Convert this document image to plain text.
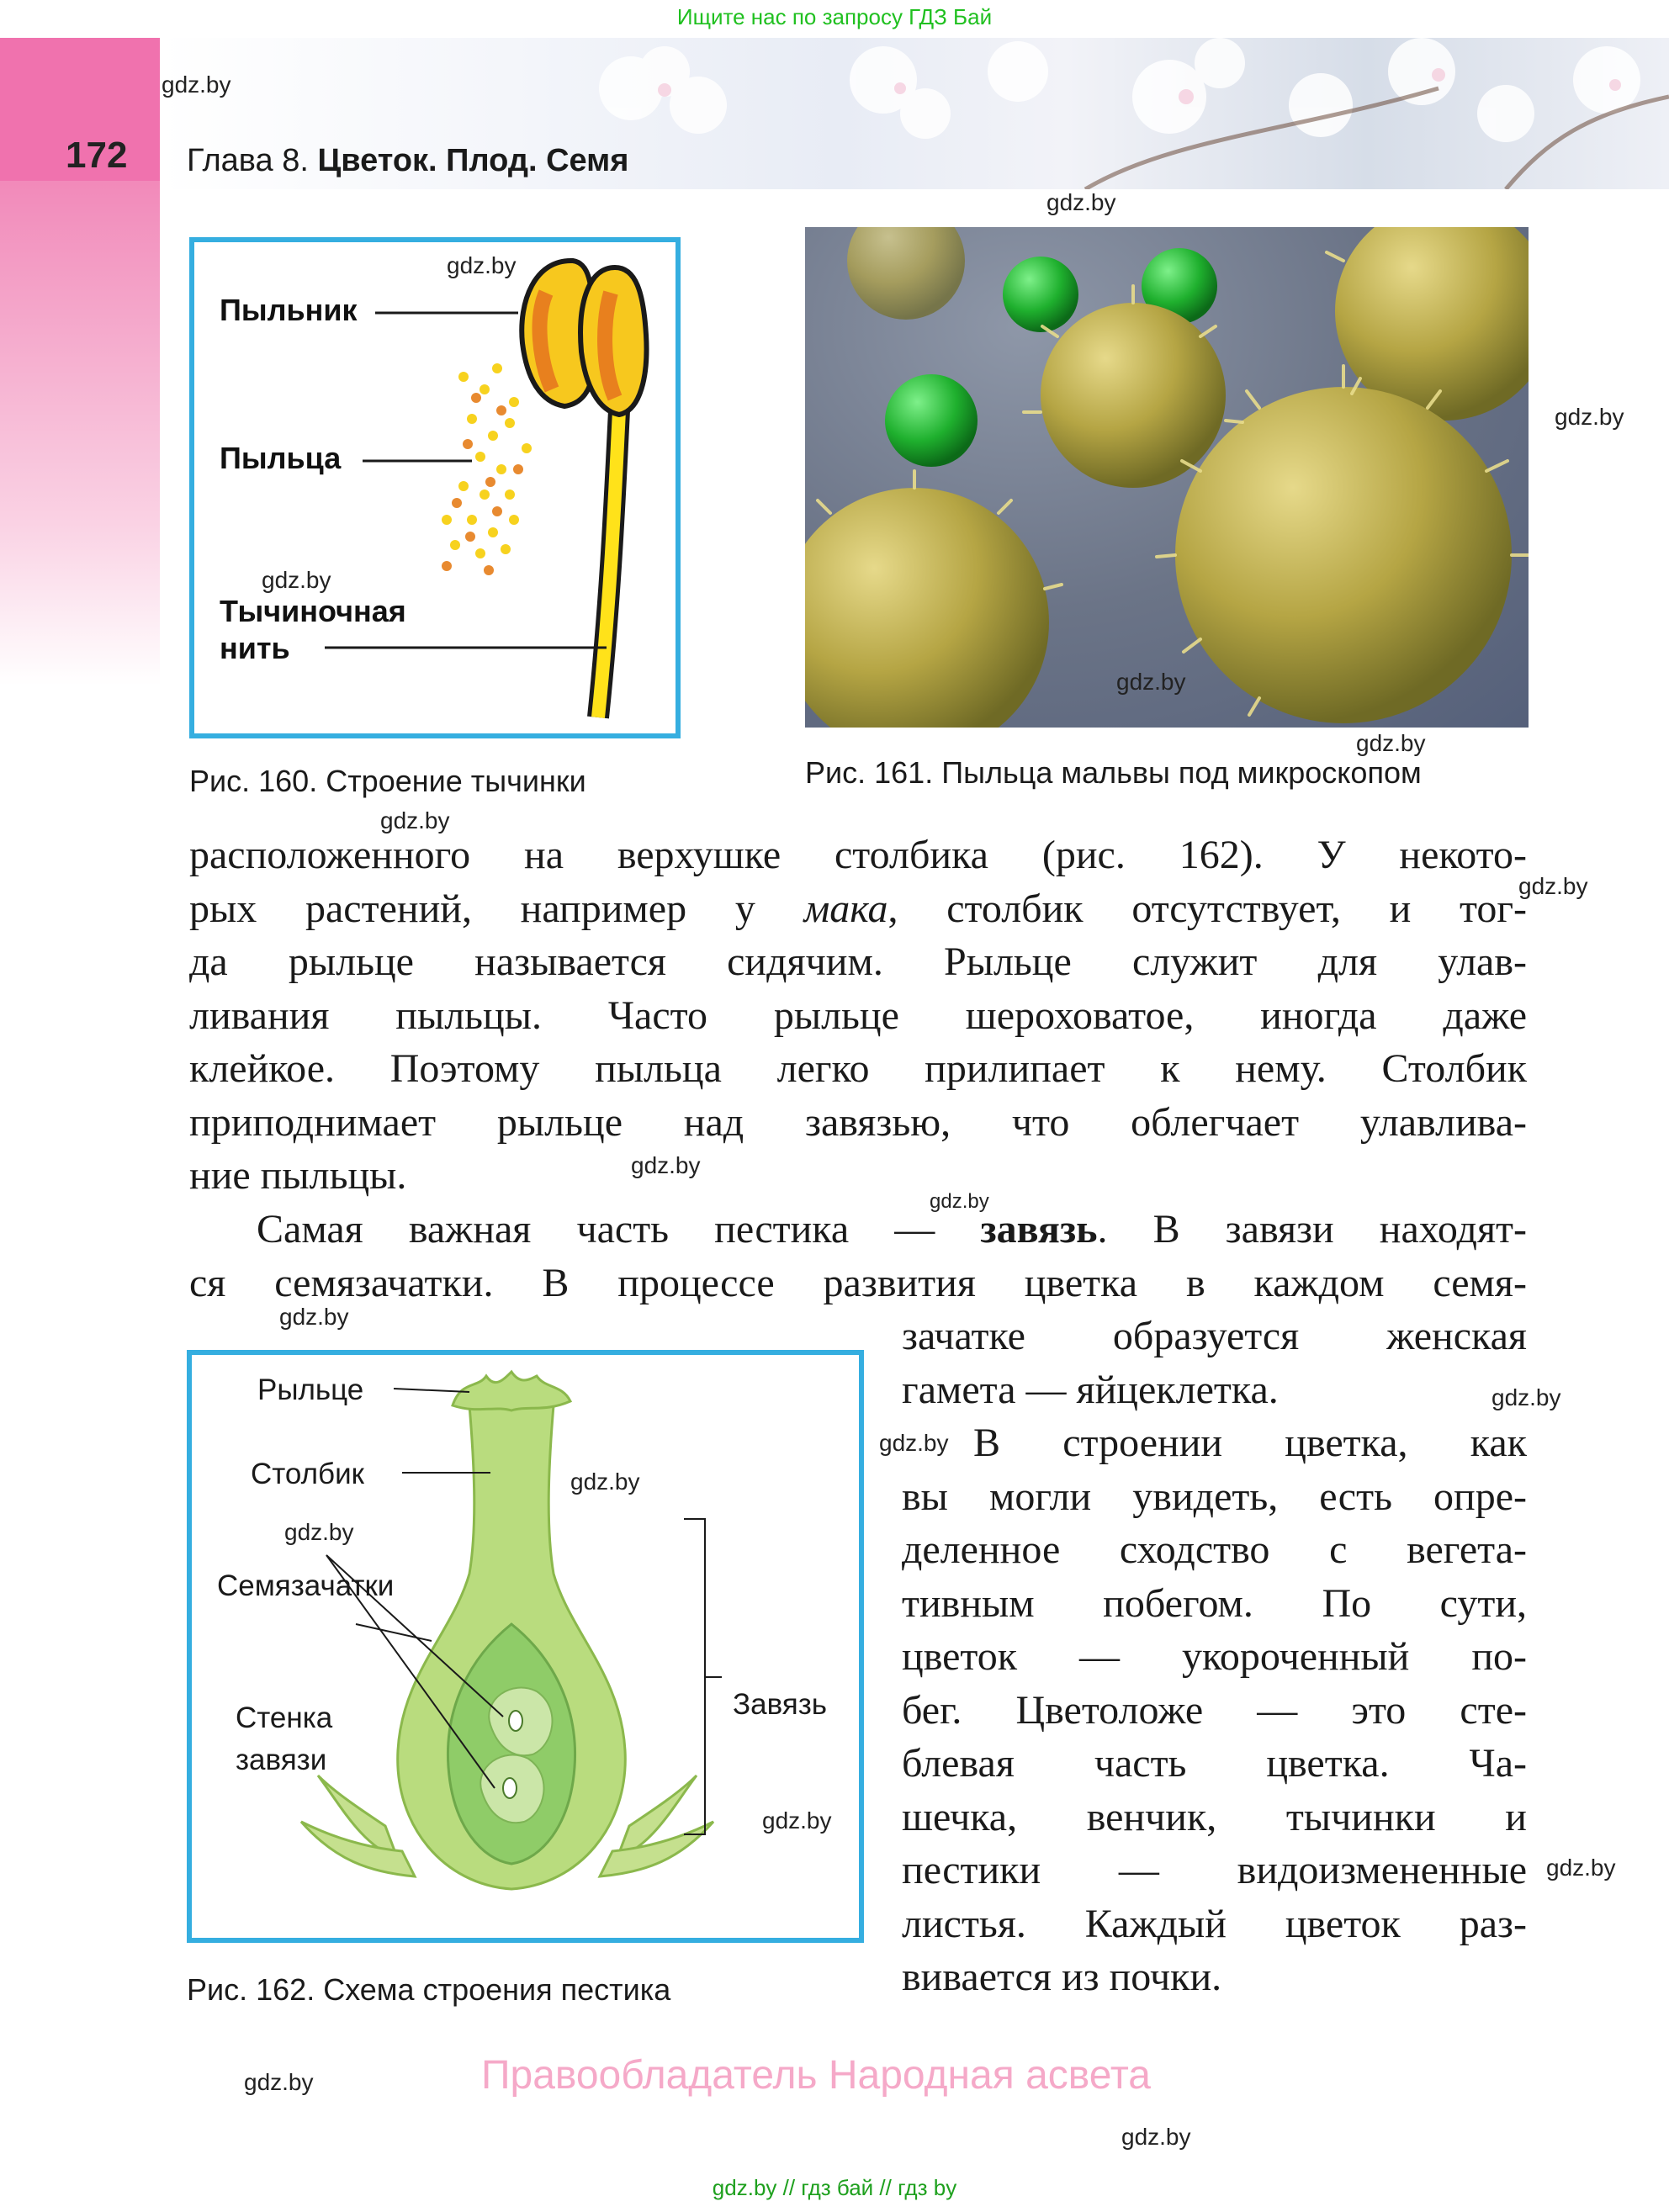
Ищите нас по запросу ГДЗ Бай
gdz.by
172 Глава 8. Цветок. Плод. Семя
Пыльник
Пыльца
Тычиночная
нить
gdz.by
gdz.by
Рис. 160. Строение тычинки
gdz.by
gdz.by
gdz.by
gdz.by
Рис. 161. Пыльца мальвы под микроскопом
gdz.by
расположенного на верхушке столбика (рис. 162). У некото-
рых растений, например у мака, столбик отсутствует, и тог-
да рыльце называется сидячим. Рыльце служит для улав-
ливания пыльцы. Часто рыльце шероховатое, иногда даже
клейкое. Поэтому пыльца легко прилипает к нему. Столбик
приподнимает рыльце над завязью, что облегчает улавлива-
ние пыльцы.
gdz.by
gdz.by
gdz.by
Самая важная часть пестика — завязь. В завязи находят-
ся семязачатки. В процессе развития цветка в каждом семя-
gdz.by	зачатке образуется женская
гамета — яйцеклетка.	gdz.by
gdz.by В строении цветка, как
вы могли увидеть, есть опре-
деленное сходство с вегета-
тивным побегом. По сути,
цветок — укороченный по-
бег. Цветоложе — это сте-
блевая часть цветка. Ча-
шечка, венчик, тычинки и
пестики — видоизмененные
листья. Каждый цветок раз-
вивается из почки.
gdz.by
Рыльце
Столбик
Семязачатки
Стенка
завязи
Завязь
gdz.by
gdz.by
gdz.by
Рис. 162. Схема строения пестика
gdz.by	Правообладатель Народная асвета
gdz.by
gdz.by // гдз бай // гдз by
